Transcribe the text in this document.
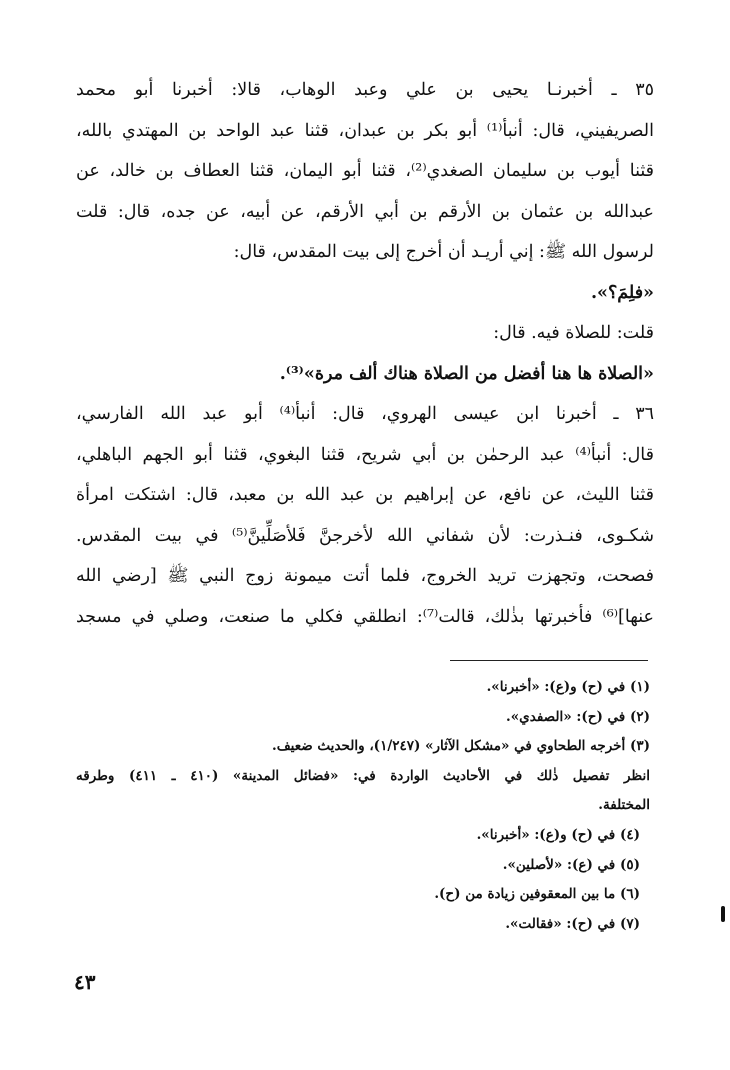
٣٥ ـ أخبرنـا يحيى بن علي وعبد الوهاب، قالا: أخبرنا أبو محمد

الصريفيني، قال: أنبأ⁽¹⁾ أبو بكر بن عبدان، قثنا عبد الواحد بن المهتدي بالله،

قثنا أيوب بن سليمان الصغدي⁽²⁾، قثنا أبو اليمان، قثنا العطاف بن خالد، عن

عبدالله بن عثمان بن الأرقم بن أبي الأرقم، عن أبيه، عن جده، قال: قلت

لرسول الله ﷺ: إني أريـد أن أخرج إلى بيت المقدس، قال:

«فلِمَ؟».

قلت: للصلاة فيه. قال:

«الصلاة ها هنا أفضل من الصلاة هناك ألف مرة»⁽³⁾.

٣٦ ـ أخبرنا ابن عيسى الهروي، قال: أنبأ⁽⁴⁾ أبو عبد الله الفارسي،

قال: أنبأ⁽⁴⁾ عبد الرحمٰن بن أبي شريح، قثنا البغوي، قثنا أبو الجهم الباهلي،

قثنا الليث، عن نافع، عن إبراهيم بن عبد الله بن معبد، قال: اشتكت امرأة

شكـوى، فنـذرت: لأن شفاني الله لأخرجنَّ فَلأصَلِّينَّ⁽⁵⁾ في بيت المقدس.

فصحت، وتجهزت تريد الخروج، فلما أتت ميمونة زوج النبي ﷺ [رضي الله

عنها]⁽⁶⁾ فأخبرتها بذٰلك، قالت⁽⁷⁾: انطلقي فكلي ما صنعت، وصلي في مسجد

(١) في (ح) و(ع): «أخبرنا».
(٢) في (ح): «الصفدي».
(٣) أخرجه الطحاوي في «مشكل الآثار» (١/٢٤٧)، والحديث ضعيف.
انظر تفصيل ذٰلك في الأحاديث الواردة في: «فضائل المدينة» (٤١٠ ـ ٤١١) وطرقه
المختلفة.
(٤) في (ح) و(ع): «أخبرنا».
(٥) في (ع): «لأصلين».
(٦) ما بين المعقوفين زيادة من (ح).
(٧) في (ح): «فقالت».
٤٣
